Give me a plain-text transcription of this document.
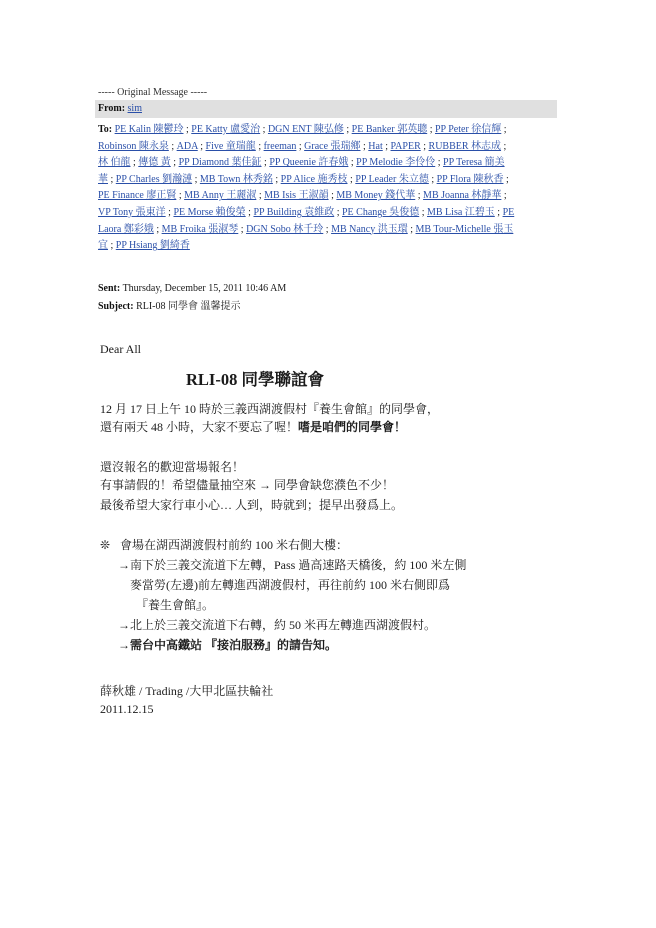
----- Original Message -----
From: sim
To: PE Kalin 陳鬱玲 ; PE Katty 盧愛治 ; DGN ENT 陳弘修 ; PE Banker 郭英聰 ; PP Peter 徐信輝 ;
Robinson 陳永泉 ; ADA ; Five 童瑞龍 ; freeman ; Grace 張瑞鄉 ; Hat ; PAPER ; RUBBER 林志成 ;
林 伯龍 ; 傳德 黃 ; PP Diamond 葉佳鉦 ; PP Queenie 許春娥 ; PP Melodie 李伶伶 ; PP Teresa 簡美
華 ; PP Charles 劉瀚漣 ; MB Town 林秀銘 ; PP Alice 施秀枝 ; PP Leader 朱立德 ; PP Flora 陳秋香 ;
PE Finance 廖正賢 ; MB Anny 王麗淑 ; MB Isis 王淑韻 ; MB Money 錢代華 ; MB Joanna 林靜華 ;
VP Tony 張東洋 ; PE Morse 賴俊榮 ; PP Building 袁維政 ; PE Change 吳俊德 ; MB Lisa 江碧玉 ; PE
Laora 鄭彩娥 ; MB Froika 張淑琴 ; DGN Sobo 林千玲 ; MB Nancy 洪玉環 ; MB Tour-Michelle 張玉
宜 ; PP Hsiang 劉綺香
Sent: Thursday, December 15, 2011 10:46 AM
Subject: RLI-08 同學會 溫馨提示
Dear All
RLI-08 同學聯誼會
12 月 17 日上午 10 時於三義西湖渡假村『養生會館』的同學會，
還有兩天 48 小時，大家不要忘了喔！嗜是咱們的同學會！
還沒報名的歡迎當場報名！
有事請假的！希望儘量抽空來 → 同學會缺您濮色不少！
最後希望大家行車小心… 人到，時就到；提早出發爲上。
❊ 會場在湖西湖渡假村前約 100 米右側大樓：
→南下於三義交流道下左轉，Pass 過高速路天橋後，約 100 米左側
麥當勞(左邊)前左轉進西湖渡假村，再往前約 100 米右側即爲
『養生會館』。
→北上於三義交流道下右轉，約 50 米再左轉進西湖渡假村。
→需台中高鐵站 『接泊服務』的請告知。
薛秋雄 / Trading /大甲北區扶輪社
2011.12.15
